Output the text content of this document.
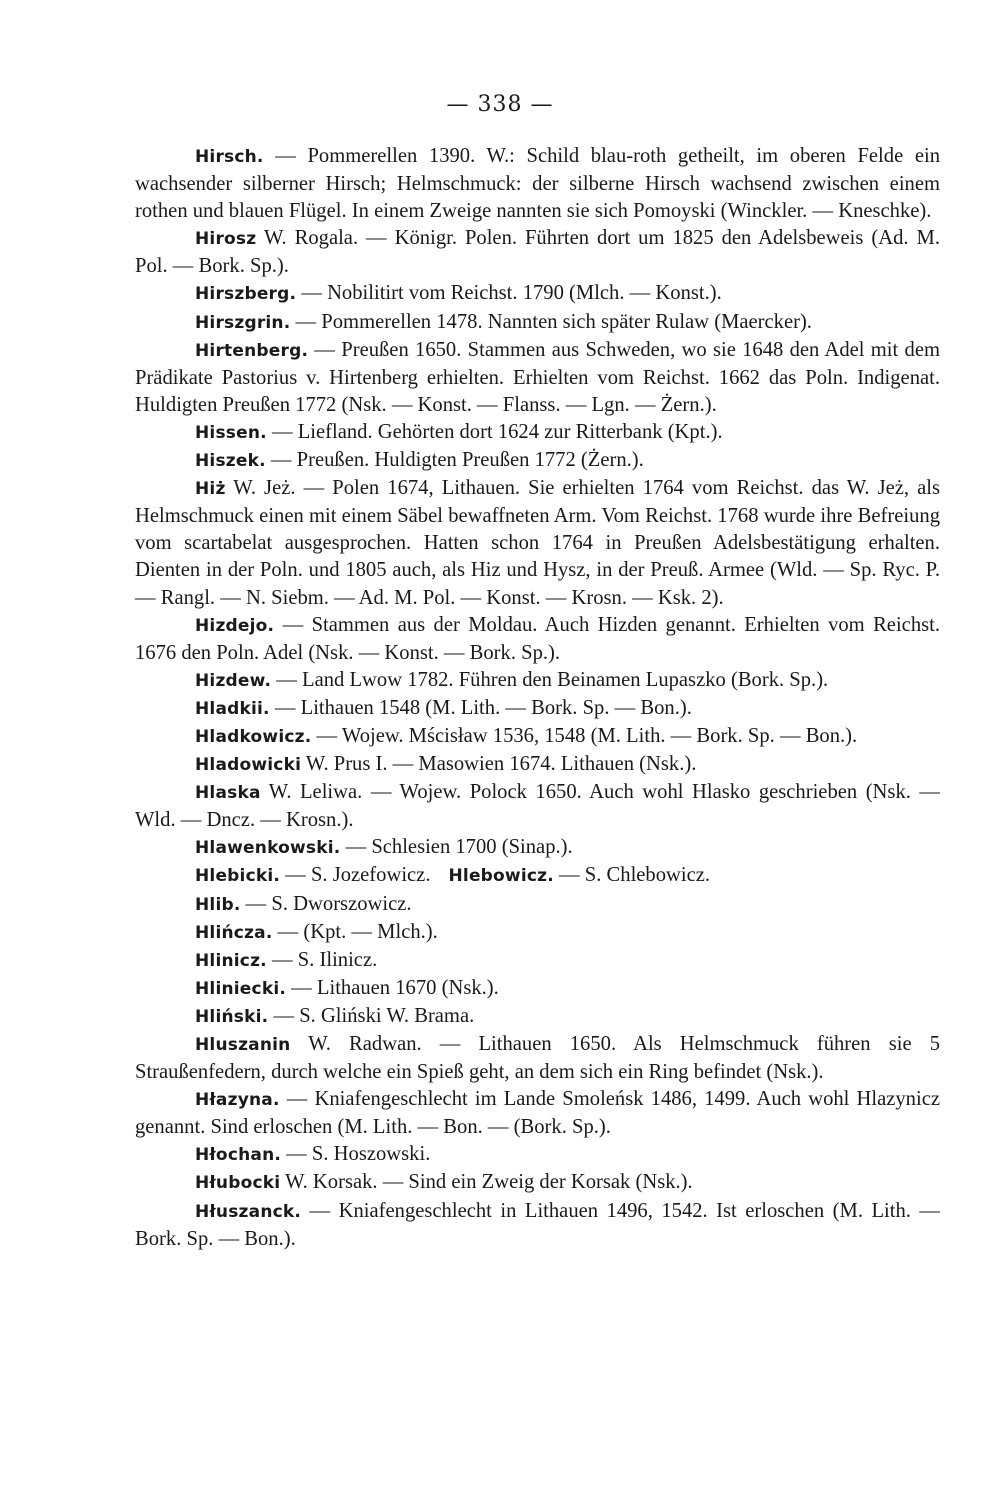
— 338 —

Hirsch. — Pommerellen 1390. W.: Schild blau-roth getheilt, im oberen Felde ein wachsender silberner Hirsch; Helmschmuck: der silberne Hirsch wachsend zwischen einem rothen und blauen Flügel. In einem Zweige nannten sie sich Pomoyski (Winckler. — Kneschke).

Hirosz W. Rogala. — Königr. Polen. Führten dort um 1825 den Adelsbeweis (Ad. M. Pol. — Bork. Sp.).

Hirszberg. — Nobilitirt vom Reichst. 1790 (Mlch. — Konst.).

Hirszgrin. — Pommerellen 1478. Nannten sich später Rulaw (Maercker).

Hirtenberg. — Preußen 1650. Stammen aus Schweden, wo sie 1648 den Adel mit dem Prädikate Pastorius v. Hirtenberg erhielten. Erhielten vom Reichst. 1662 das Poln. Indigenat. Huldigten Preußen 1772 (Nsk. — Konst. — Flanss. — Lgn. — Żern.).

Hissen. — Liefland. Gehörten dort 1624 zur Ritterbank (Kpt.).

Hiszek. — Preußen. Huldigten Preußen 1772 (Żern.).

Hiż W. Jeż. — Polen 1674, Lithauen. Sie erhielten 1764 vom Reichst. das W. Jeż, als Helmschmuck einen mit einem Säbel bewaffneten Arm. Vom Reichst. 1768 wurde ihre Befreiung vom scartabelat ausgesprochen. Hatten schon 1764 in Preußen Adelsbestätigung erhalten. Dienten in der Poln. und 1805 auch, als Hiz und Hysz, in der Preuß. Armee (Wld. — Sp. Ryc. P. — Rangl. — N. Siebm. — Ad. M. Pol. — Konst. — Krosn. — Ksk. 2).

Hizdejo. — Stammen aus der Moldau. Auch Hizden genannt. Erhielten vom Reichst. 1676 den Poln. Adel (Nsk. — Konst. — Bork. Sp.).

Hizdew. — Land Lwow 1782. Führen den Beinamen Lupaszko (Bork. Sp.).

Hladkii. — Lithauen 1548 (M. Lith. — Bork. Sp. — Bon.).

Hladkowicz. — Wojew. Mścisław 1536, 1548 (M. Lith. — Bork. Sp. — Bon.).

Hladowicki W. Prus I. — Masowien 1674. Lithauen (Nsk.).

Hlaska W. Leliwa. — Wojew. Polock 1650. Auch wohl Hlasko geschrieben (Nsk. — Wld. — Dncz. — Krosn.).

Hlawenkowski. — Schlesien 1700 (Sinap.).

Hlebicki. — S. Jozefowicz. Hlebowicz. — S. Chlebowicz.

Hlib. — S. Dworszowicz.

Hlińcza. — (Kpt. — Mlch.).

Hlinicz. — S. Ilinicz.

Hliniecki. — Lithauen 1670 (Nsk.).

Hliński. — S. Gliński W. Brama.

Hluszanin W. Radwan. — Lithauen 1650. Als Helmschmuck führen sie 5 Straußenfedern, durch welche ein Spieß geht, an dem sich ein Ring befindet (Nsk.).

Hłazyna. — Kniafengeschlecht im Lande Smoleńsk 1486, 1499. Auch wohl Hlazynicz genannt. Sind erloschen (M. Lith. — Bon. — (Bork. Sp.).

Hłochan. — S. Hoszowski.

Hłubocki W. Korsak. — Sind ein Zweig der Korsak (Nsk.).

Hłuszanck. — Kniafengeschlecht in Lithauen 1496, 1542. Ist erloschen (M. Lith. — Bork. Sp. — Bon.).
